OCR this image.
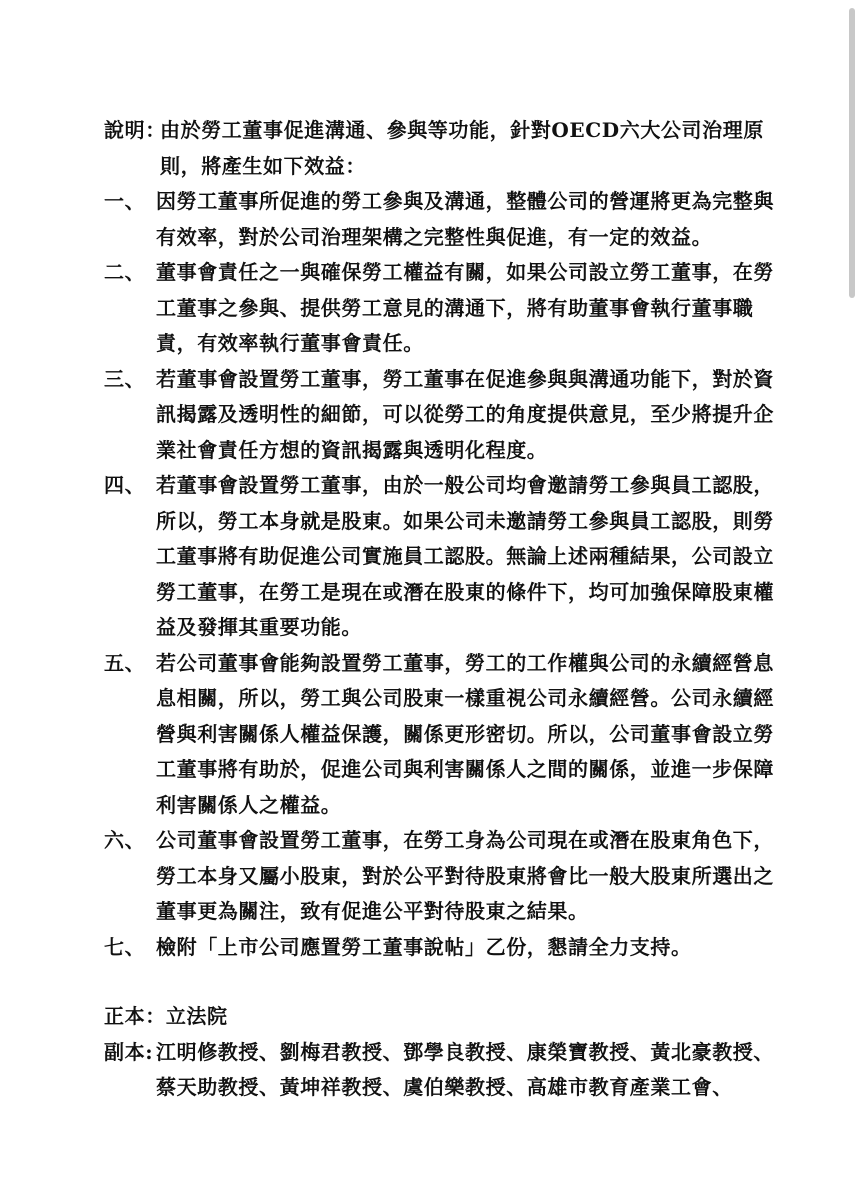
說明：
由於勞工董事促進溝通、參與等功能，針對OECD六大公司治理原則，將產生如下效益：
一、 因勞工董事所促進的勞工參與及溝通，整體公司的營運將更為完整與有效率，對於公司治理架構之完整性與促進，有一定的效益。
二、 董事會責任之一與確保勞工權益有關，如果公司設立勞工董事，在勞工董事之參與、提供勞工意見的溝通下，將有助董事會執行董事職責，有效率執行董事會責任。
三、 若董事會設置勞工董事，勞工董事在促進參與與溝通功能下，對於資訊揭露及透明性的細節，可以從勞工的角度提供意見，至少將提升企業社會責任方想的資訊揭露與透明化程度。
四、 若董事會設置勞工董事，由於一般公司均會邀請勞工參與員工認股，所以，勞工本身就是股東。如果公司未邀請勞工參與員工認股，則勞工董事將有助促進公司實施員工認股。無論上述兩種結果，公司設立勞工董事，在勞工是現在或潛在股東的條件下，均可加強保障股東權益及發揮其重要功能。
五、 若公司董事會能夠設置勞工董事，勞工的工作權與公司的永續經營息息相關，所以，勞工與公司股東一樣重視公司永續經營。公司永續經營與利害關係人權益保護，關係更形密切。所以，公司董事會設立勞工董事將有助於，促進公司與利害關係人之間的關係，並進一步保障利害關係人之權益。
六、 公司董事會設置勞工董事，在勞工身為公司現在或潛在股東角色下，勞工本身又屬小股東，對於公平對待股東將會比一般大股東所選出之董事更為關注，致有促進公平對待股東之結果。
七、 檢附「上市公司應置勞工董事說帖」乙份，懇請全力支持。
正本： 立法院
副本: 江明修教授、劉梅君教授、鄧學良教授、康榮寶教授、黃北豪教授、蔡天助教授、黃坤祥教授、虞伯樂教授、高雄市教育產業工會、
